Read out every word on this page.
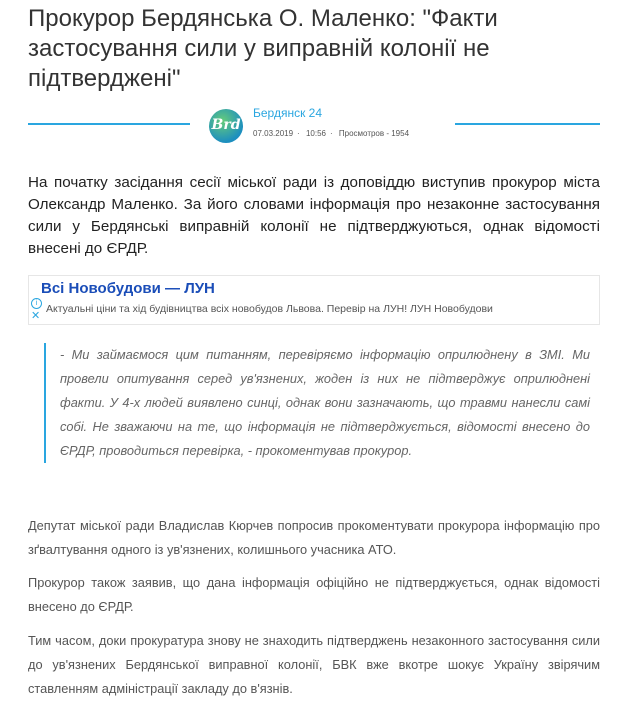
Прокурор Бердянська О. Маленко: "Факти застосування сили у виправній колонії не підтверджені"
Brd
Бердянск 24
07.03.2019 · 10:56 · Просмотров - 1954

На початку засідання сесії міської ради із доповіддю виступив прокурор міста Олександр Маленко. За його словами інформація про незаконне застосування сили у Бердянські виправній колонії не підтверджуються, однак відомості внесені до ЄРДР.

Всі Новобудови — ЛУН
Актуальні ціни та хід будівництва всіх новобудов Львова. Перевір на ЛУН! ЛУН Новобудови
i
✕

- Ми займаємося цим питанням, перевіряємо інформацію оприлюднену в ЗМІ. Ми провели опитування серед ув'язнених, жоден із них не підтверджує оприлюднені факти. У 4-х людей виявлено синці, однак вони зазначають, що травми нанесли самі собі. Не зважаючи на те, що інформація не підтверджується, відомості внесено до ЄРДР, проводиться перевірка, - прокоментував прокурор.

Депутат міської ради Владислав Кюрчев попросив прокоментувати прокурора інформацію про зґвалтування одного із ув'язнених, колишнього учасника АТО.

Прокурор також заявив, що дана інформація офіційно не підтверджується, однак відомості внесено до ЄРДР.

Тим часом, доки прокуратура знову не знаходить підтверджень незаконного застосування сили до ув'язнених Бердянської виправної колонії, БВК вже вкотре шокує Україну звірячим ставленням адміністрації закладу до в'язнів.
